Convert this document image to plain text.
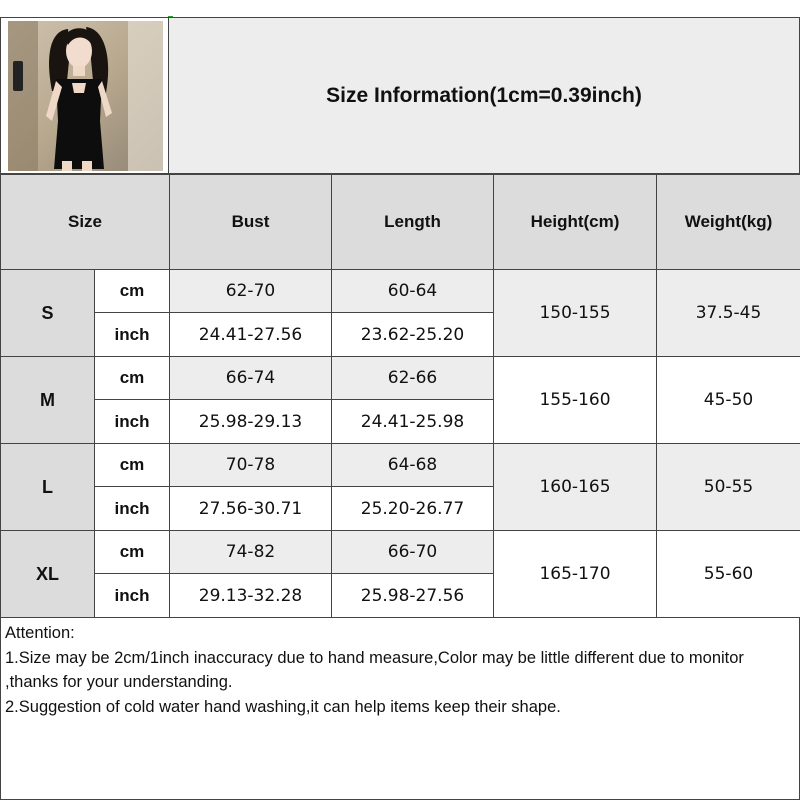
Size Information(1cm=0.39inch)
Size		Bust	Length	Height(cm)	Weight(kg)
S	cm	62-70	60-64	150-155	37.5-45
	inch	24.41-27.56	23.62-25.20		
M	cm	66-74	62-66	155-160	45-50
	inch	25.98-29.13	24.41-25.98		
L	cm	70-78	64-68	160-165	50-55
	inch	27.56-30.71	25.20-26.77		
XL	cm	74-82	66-70	165-170	55-60
	inch	29.13-32.28	25.98-27.56		
Attention:
1.Size may be 2cm/1inch inaccuracy due to hand measure,Color may be little different due to monitor ,thanks for your understanding.
2.Suggestion of cold water hand washing,it can help items keep their shape.
